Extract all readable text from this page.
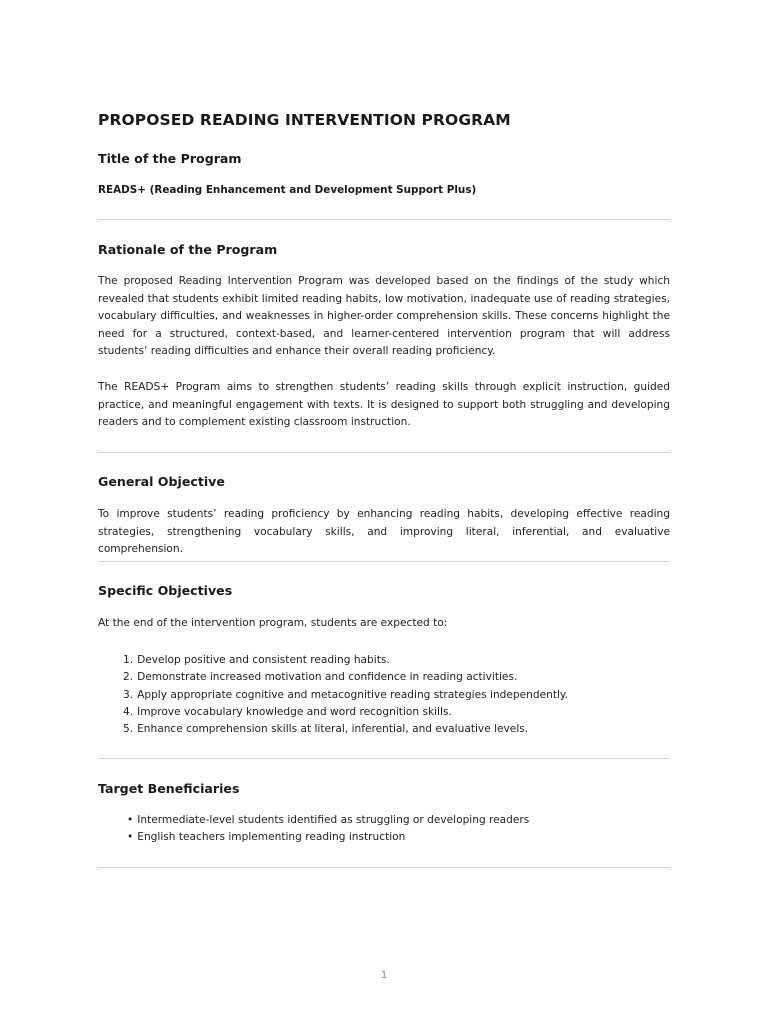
PROPOSED READING INTERVENTION PROGRAM
Title of the Program

READS+ (Reading Enhancement and Development Support Plus)

Rationale of the Program

The proposed Reading Intervention Program was developed based on the findings of the study which revealed that students exhibit limited reading habits, low motivation, inadequate use of reading strategies, vocabulary difficulties, and weaknesses in higher-order comprehension skills. These concerns highlight the need for a structured, context-based, and learner-centered intervention program that will address students’ reading difficulties and enhance their overall reading proficiency.

The READS+ Program aims to strengthen students’ reading skills through explicit instruction, guided practice, and meaningful engagement with texts. It is designed to support both struggling and developing readers and to complement existing classroom instruction.

General Objective

To improve students’ reading proficiency by enhancing reading habits, developing effective reading strategies, strengthening vocabulary skills, and improving literal, inferential, and evaluative comprehension.

Specific Objectives

At the end of the intervention program, students are expected to:

1. Develop positive and consistent reading habits.
2. Demonstrate increased motivation and confidence in reading activities.
3. Apply appropriate cognitive and metacognitive reading strategies independently.
4. Improve vocabulary knowledge and word recognition skills.
5. Enhance comprehension skills at literal, inferential, and evaluative levels.
Target Beneficiaries
• Intermediate-level students identified as struggling or developing readers
• English teachers implementing reading instruction
1
